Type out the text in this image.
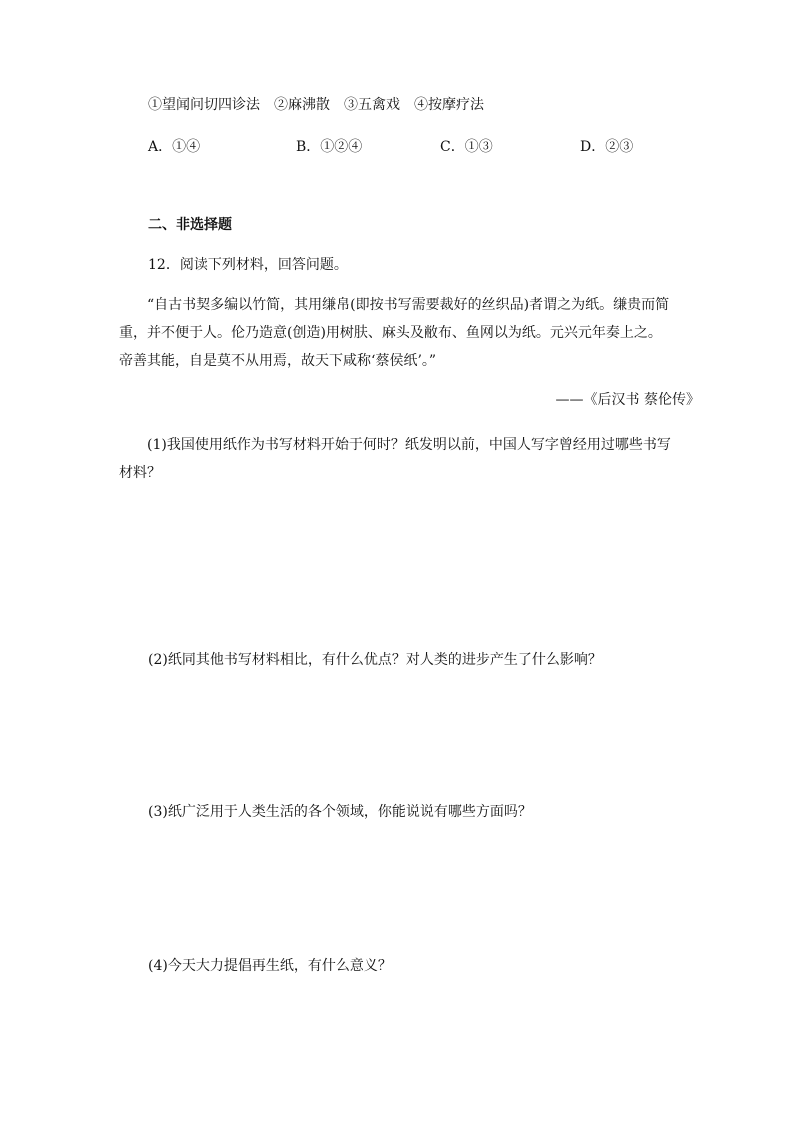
①望闻问切四诊法　②麻沸散　③五禽戏　④按摩疗法
A．①④	B．①②④	C．①③	D．②③
二、非选择题
12．阅读下列材料，回答问题。
“自古书契多编以竹简，其用缣帛(即按书写需要裁好的丝织品)者谓之为纸。缣贵而简重，并不便于人。伦乃造意(创造)用树肤、麻头及敝布、鱼网以为纸。元兴元年奏上之。帝善其能，自是莫不从用焉，故天下咸称‘蔡侯纸’。”
——《后汉书 蔡伦传》
(1)我国使用纸作为书写材料开始于何时？纸发明以前，中国人写字曾经用过哪些书写材料？
(2)纸同其他书写材料相比，有什么优点？对人类的进步产生了什么影响？
(3)纸广泛用于人类生活的各个领域，你能说说有哪些方面吗？
(4)今天大力提倡再生纸，有什么意义？
